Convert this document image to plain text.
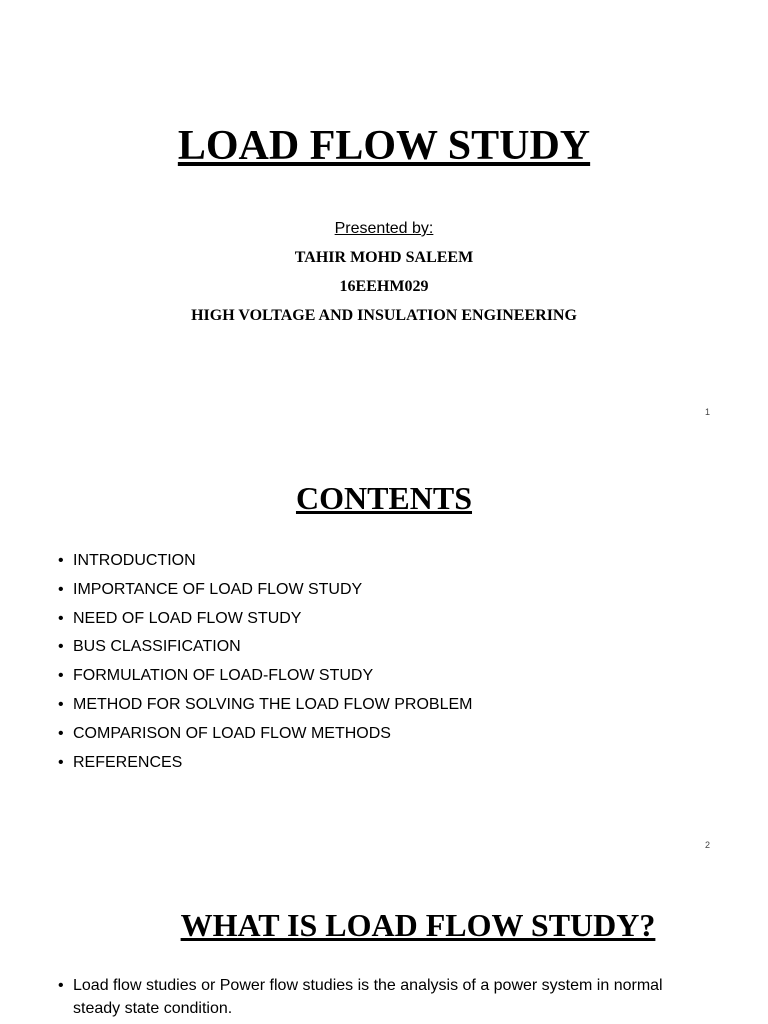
LOAD FLOW STUDY
Presented by:
TAHIR MOHD SALEEM
16EEHM029
HIGH VOLTAGE AND INSULATION ENGINEERING
1
CONTENTS
• INTRODUCTION
• IMPORTANCE OF LOAD FLOW STUDY
• NEED OF LOAD FLOW STUDY
• BUS CLASSIFICATION
• FORMULATION OF LOAD-FLOW STUDY
• METHOD FOR SOLVING THE LOAD FLOW PROBLEM
• COMPARISON OF LOAD FLOW METHODS
• REFERENCES
2
WHAT IS LOAD FLOW STUDY?
• Load flow studies or Power flow studies is the analysis of a power system in normal steady state condition.
